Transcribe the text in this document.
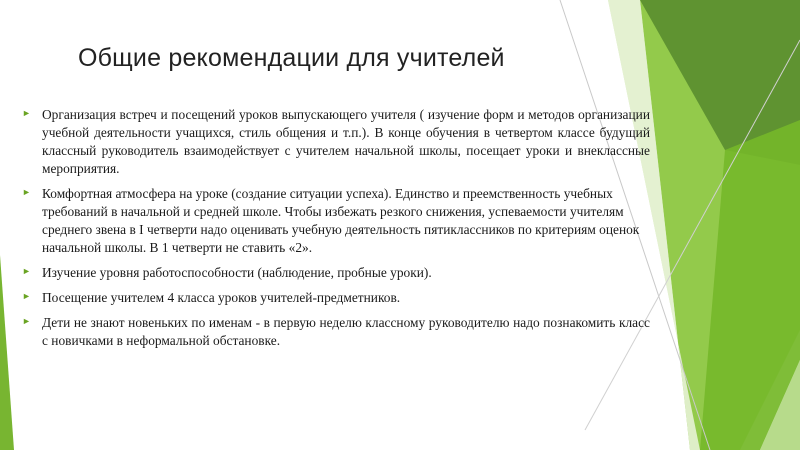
Общие рекомендации для учителей
► Организация встреч и посещений уроков выпускающего учителя ( изучение форм и методов организации учебной деятельности учащихся, стиль общения и т.п.). В конце обучения в четвертом классе будущий классный руководитель взаимодействует с учителем начальной школы, посещает уроки и внеклассные мероприятия.
► Комфортная атмосфера на уроке (создание ситуации успеха). Единство и преемственность учебных требований в начальной и средней школе. Чтобы избежать резкого снижения, успеваемости учителям среднего звена в I четверти надо оценивать учебную деятельность пятиклассников по критериям оценок начальной школы. В 1 четверти не ставить «2».
► Изучение уровня работоспособности (наблюдение, пробные уроки).
► Посещение учителем 4 класса уроков учителей-предметников.
► Дети не знают новеньких по именам - в первую неделю классному руководителю надо познакомить класс с новичками в неформальной обстановке.
